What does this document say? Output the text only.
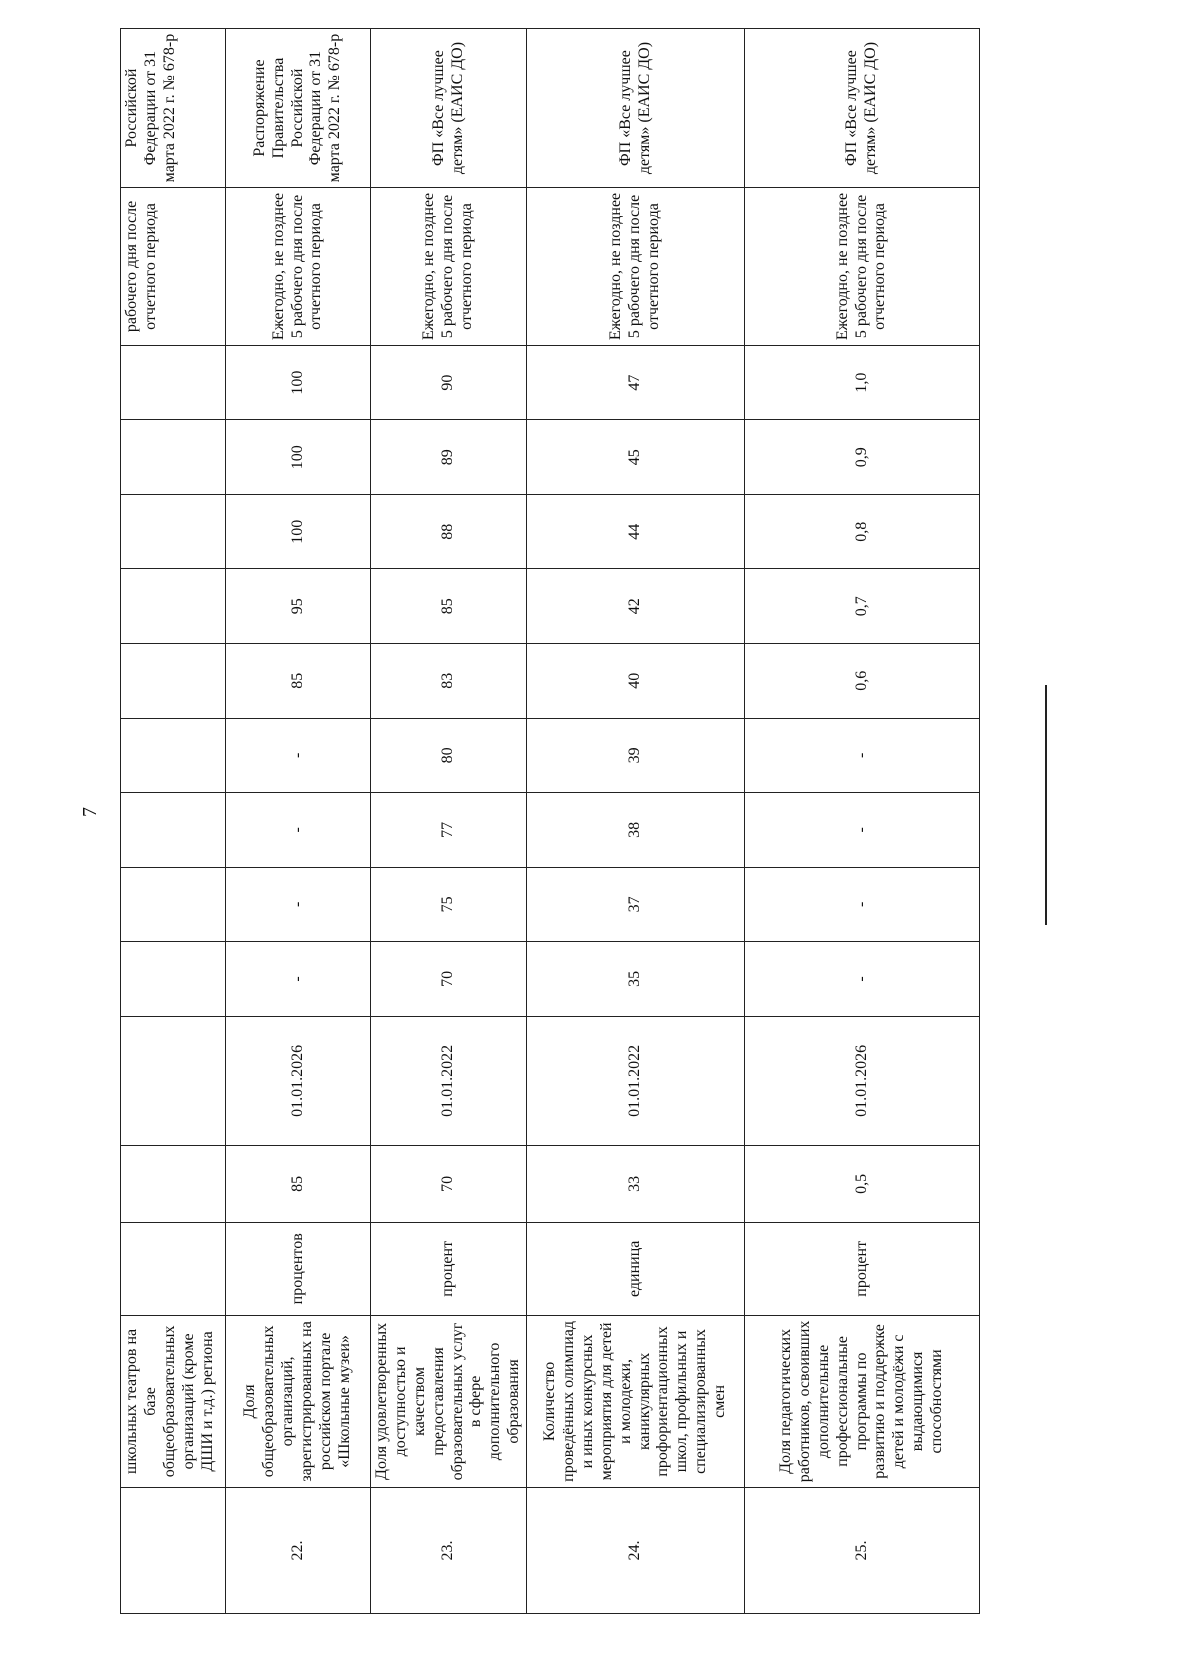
7
	школьных театров на базе общеобразовательных организаций (кроме ДШИ и т.д.) региона													рабочего дня после отчетного периода	Российской Федерации от 31 марта 2022 г. № 678-р
22.	Доля общеобразовательных организаций, зарегистрированных на российском портале «Школьные музеи»	процентов	85	01.01.2026	-	-	-	-	85	95	100	100	100	Ежегодно, не позднее 5 рабочего дня после отчетного периода	Распоряжение Правительства Российской Федерации от 31 марта 2022 г. № 678-р
23.	Доля удовлетворенных доступностью и качеством предоставления образовательных услуг в сфере дополнительного образования	процент	70	01.01.2022	70	75	77	80	83	85	88	89	90	Ежегодно, не позднее 5 рабочего дня после отчетного периода	ФП «Все лучшее детям» (ЕАИС ДО)
24.	Количество проведённых олимпиад и иных конкурсных мероприятия для детей и молодежи, каникулярных профориентационных школ, профильных и специализированных смен	единица	33	01.01.2022	35	37	38	39	40	42	44	45	47	Ежегодно, не позднее 5 рабочего дня после отчетного периода	ФП «Все лучшее детям» (ЕАИС ДО)
25.	Доля педагогических работников, освоивших дополнительные профессиональные программы по развитию и поддержке детей и молодёжи с выдающимися способностями	процент	0,5	01.01.2026	-	-	-	-	0,6	0,7	0,8	0,9	1,0	Ежегодно, не позднее 5 рабочего дня после отчетного периода	ФП «Все лучшее детям» (ЕАИС ДО)
